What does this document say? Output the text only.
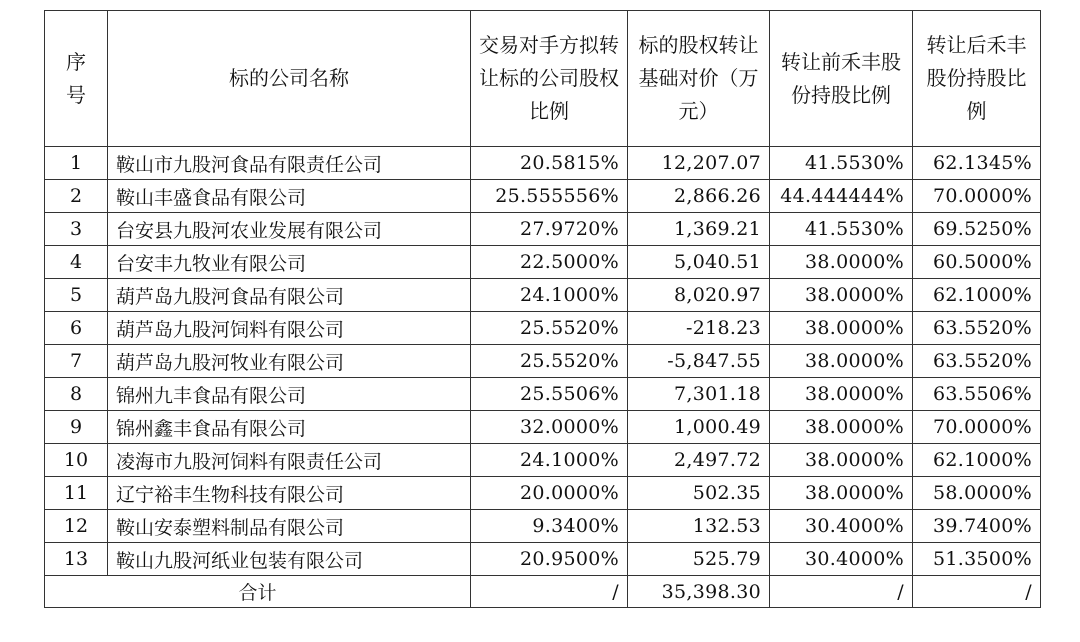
序号	标的公司名称	交易对手方拟转让标的公司股权比例	标的股权转让基础对价（万元）	转让前禾丰股份持股比例	转让后禾丰股份持股比例
1	鞍山市九股河食品有限责任公司	20.5815%	12,207.07	41.5530%	62.1345%
2	鞍山丰盛食品有限公司	25.555556%	2,866.26	44.444444%	70.0000%
3	台安县九股河农业发展有限公司	27.9720%	1,369.21	41.5530%	69.5250%
4	台安丰九牧业有限公司	22.5000%	5,040.51	38.0000%	60.5000%
5	葫芦岛九股河食品有限公司	24.1000%	8,020.97	38.0000%	62.1000%
6	葫芦岛九股河饲料有限公司	25.5520%	-218.23	38.0000%	63.5520%
7	葫芦岛九股河牧业有限公司	25.5520%	-5,847.55	38.0000%	63.5520%
8	锦州九丰食品有限公司	25.5506%	7,301.18	38.0000%	63.5506%
9	锦州鑫丰食品有限公司	32.0000%	1,000.49	38.0000%	70.0000%
10	凌海市九股河饲料有限责任公司	24.1000%	2,497.72	38.0000%	62.1000%
11	辽宁裕丰生物科技有限公司	20.0000%	502.35	38.0000%	58.0000%
12	鞍山安泰塑料制品有限公司	9.3400%	132.53	30.4000%	39.7400%
13	鞍山九股河纸业包装有限公司	20.9500%	525.79	30.4000%	51.3500%
合计		/	35,398.30	/	/
